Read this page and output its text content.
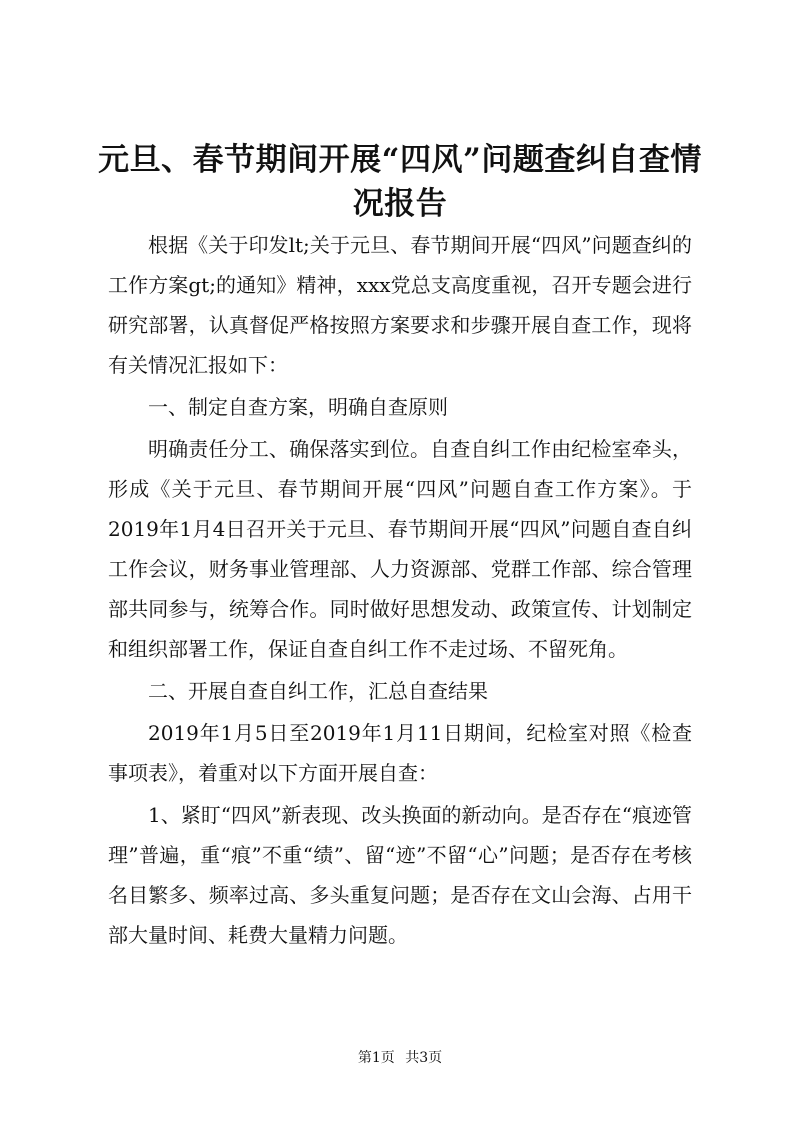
元旦、春节期间开展“四风”问题查纠自查情况报告

根据《关于印发lt;关于元旦、春节期间开展“四风”问题查纠的工作方案gt;的通知》精神，xxx党总支高度重视，召开专题会进行研究部署，认真督促严格按照方案要求和步骤开展自查工作，现将有关情况汇报如下：

一、制定自查方案，明确自查原则

明确责任分工、确保落实到位。自查自纠工作由纪检室牵头，形成《关于元旦、春节期间开展“四风”问题自查工作方案》。于2019年1月4日召开关于元旦、春节期间开展“四风”问题自查自纠工作会议，财务事业管理部、人力资源部、党群工作部、综合管理部共同参与，统筹合作。同时做好思想发动、政策宣传、计划制定和组织部署工作，保证自查自纠工作不走过场、不留死角。

二、开展自查自纠工作，汇总自查结果

2019年1月5日至2019年1月11日期间，纪检室对照《检查事项表》，着重对以下方面开展自查：

1、紧盯“四风”新表现、改头换面的新动向。是否存在“痕迹管理”普遍，重“痕”不重“绩”、留“迹”不留“心”问题；是否存在考核名目繁多、频率过高、多头重复问题；是否存在文山会海、占用干部大量时间、耗费大量精力问题。

第1页 共3页
